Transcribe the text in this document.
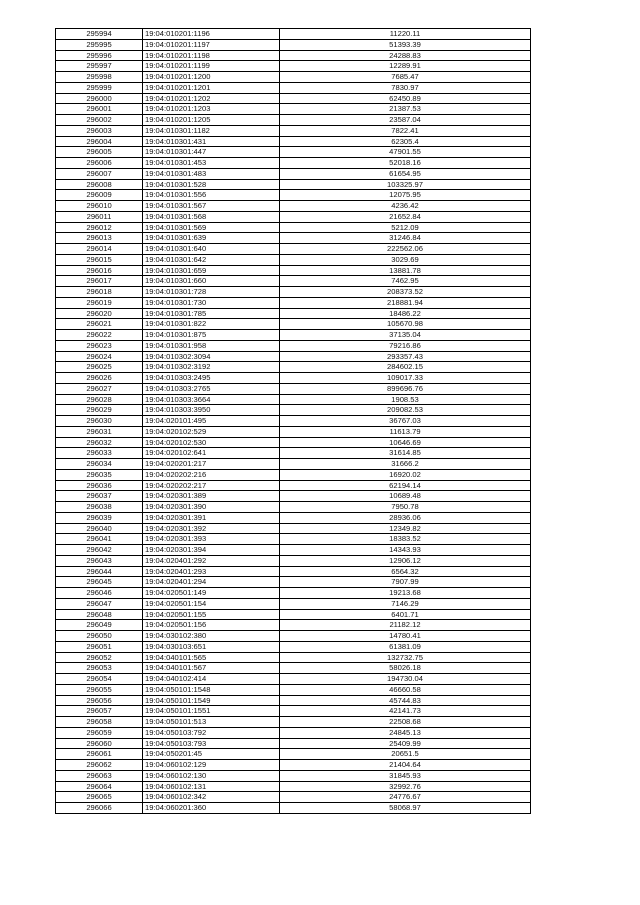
295994	19:04:010201:1196	11220.11
295995	19:04:010201:1197	51393.39
295996	19:04:010201:1198	24288.83
295997	19:04:010201:1199	12289.91
295998	19:04:010201:1200	7685.47
295999	19:04:010201:1201	7830.97
296000	19:04:010201:1202	62450.89
296001	19:04:010201:1203	21387.53
296002	19:04:010201:1205	23587.04
296003	19:04:010301:1182	7822.41
296004	19:04:010301:431	62305.4
296005	19:04:010301:447	47901.55
296006	19:04:010301:453	52018.16
296007	19:04:010301:483	61654.95
296008	19:04:010301:528	103325.97
296009	19:04:010301:556	12075.95
296010	19:04:010301:567	4236.42
296011	19:04:010301:568	21652.84
296012	19:04:010301:569	5212.09
296013	19:04:010301:639	31246.84
296014	19:04:010301:640	222562.06
296015	19:04:010301:642	3029.69
296016	19:04:010301:659	13881.78
296017	19:04:010301:660	7462.95
296018	19:04:010301:728	208373.52
296019	19:04:010301:730	218881.94
296020	19:04:010301:785	18486.22
296021	19:04:010301:822	105670.98
296022	19:04:010301:875	37135.04
296023	19:04:010301:958	79216.86
296024	19:04:010302:3094	293357.43
296025	19:04:010302:3192	284602.15
296026	19:04:010303:2495	109017.33
296027	19:04:010303:2765	899696.76
296028	19:04:010303:3664	1908.53
296029	19:04:010303:3950	209082.53
296030	19:04:020101:495	36767.03
296031	19:04:020102:529	11613.79
296032	19:04:020102:530	10646.69
296033	19:04:020102:641	31614.85
296034	19:04:020201:217	31666.2
296035	19:04:020202:216	16920.02
296036	19:04:020202:217	62194.14
296037	19:04:020301:389	10689.48
296038	19:04:020301:390	7950.78
296039	19:04:020301:391	28936.06
296040	19:04:020301:392	12349.82
296041	19:04:020301:393	18383.52
296042	19:04:020301:394	14343.93
296043	19:04:020401:292	12906.12
296044	19:04:020401:293	6564.32
296045	19:04:020401:294	7907.99
296046	19:04:020501:149	19213.68
296047	19:04:020501:154	7146.29
296048	19:04:020501:155	6401.71
296049	19:04:020501:156	21182.12
296050	19:04:030102:380	14780.41
296051	19:04:030103:651	61381.09
296052	19:04:040101:565	132732.75
296053	19:04:040101:567	58026.18
296054	19:04:040102:414	194730.04
296055	19:04:050101:1548	46660.58
296056	19:04:050101:1549	45744.83
296057	19:04:050101:1551	42141.73
296058	19:04:050101:513	22508.68
296059	19:04:050103:792	24845.13
296060	19:04:050103:793	25409.99
296061	19:04:050201:45	20651.5
296062	19:04:060102:129	21404.64
296063	19:04:060102:130	31845.93
296064	19:04:060102:131	32992.76
296065	19:04:060102:342	24776.67
296066	19:04:060201:360	58068.97
